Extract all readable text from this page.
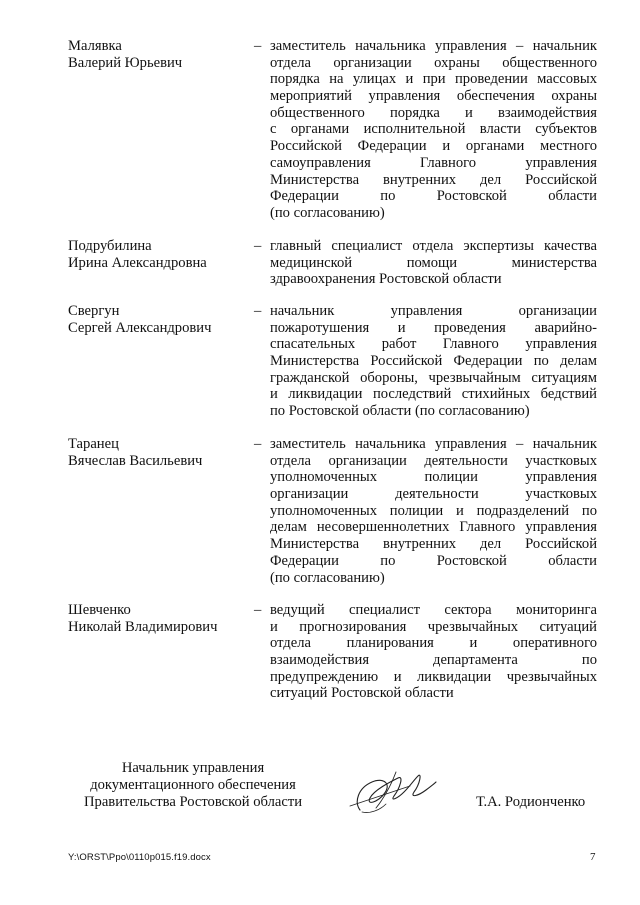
Малявка
Валерий Юрьевич
– заместитель начальника управления – начальник
отдела организации охраны общественного
порядка на улицах и при проведении массовых
мероприятий управления обеспечения охраны
общественного порядка и взаимодействия
с органами исполнительной власти субъектов
Российской Федерации и органами местного
самоуправления Главного управления
Министерства внутренних дел Российской
Федерации по Ростовской области
(по согласованию)
Подрубилина
Ирина Александровна
– главный специалист отдела экспертизы качества
медицинской помощи министерства
здравоохранения Ростовской области
Свергун
Сергей Александрович
– начальник управления организации
пожаротушения и проведения аварийно-
спасательных работ Главного управления
Министерства Российской Федерации по делам
гражданской обороны, чрезвычайным ситуациям
и ликвидации последствий стихийных бедствий
по Ростовской области (по согласованию)
Таранец
Вячеслав Васильевич
– заместитель начальника управления – начальник
отдела организации деятельности участковых
уполномоченных полиции управления
организации деятельности участковых
уполномоченных полиции и подразделений по
делам несовершеннолетних Главного управления
Министерства внутренних дел Российской
Федерации по Ростовской области
(по согласованию)
Шевченко
Николай Владимирович
– ведущий специалист сектора мониторинга
и прогнозирования чрезвычайных ситуаций
отдела планирования и оперативного
взаимодействия департамента по
предупреждению и ликвидации чрезвычайных
ситуаций Ростовской области
Начальник управления
документационного обеспечения
Правительства Ростовской области	Т.А. Родионченко
Y:\ORST\Ppo\0110p015.f19.docx	7
